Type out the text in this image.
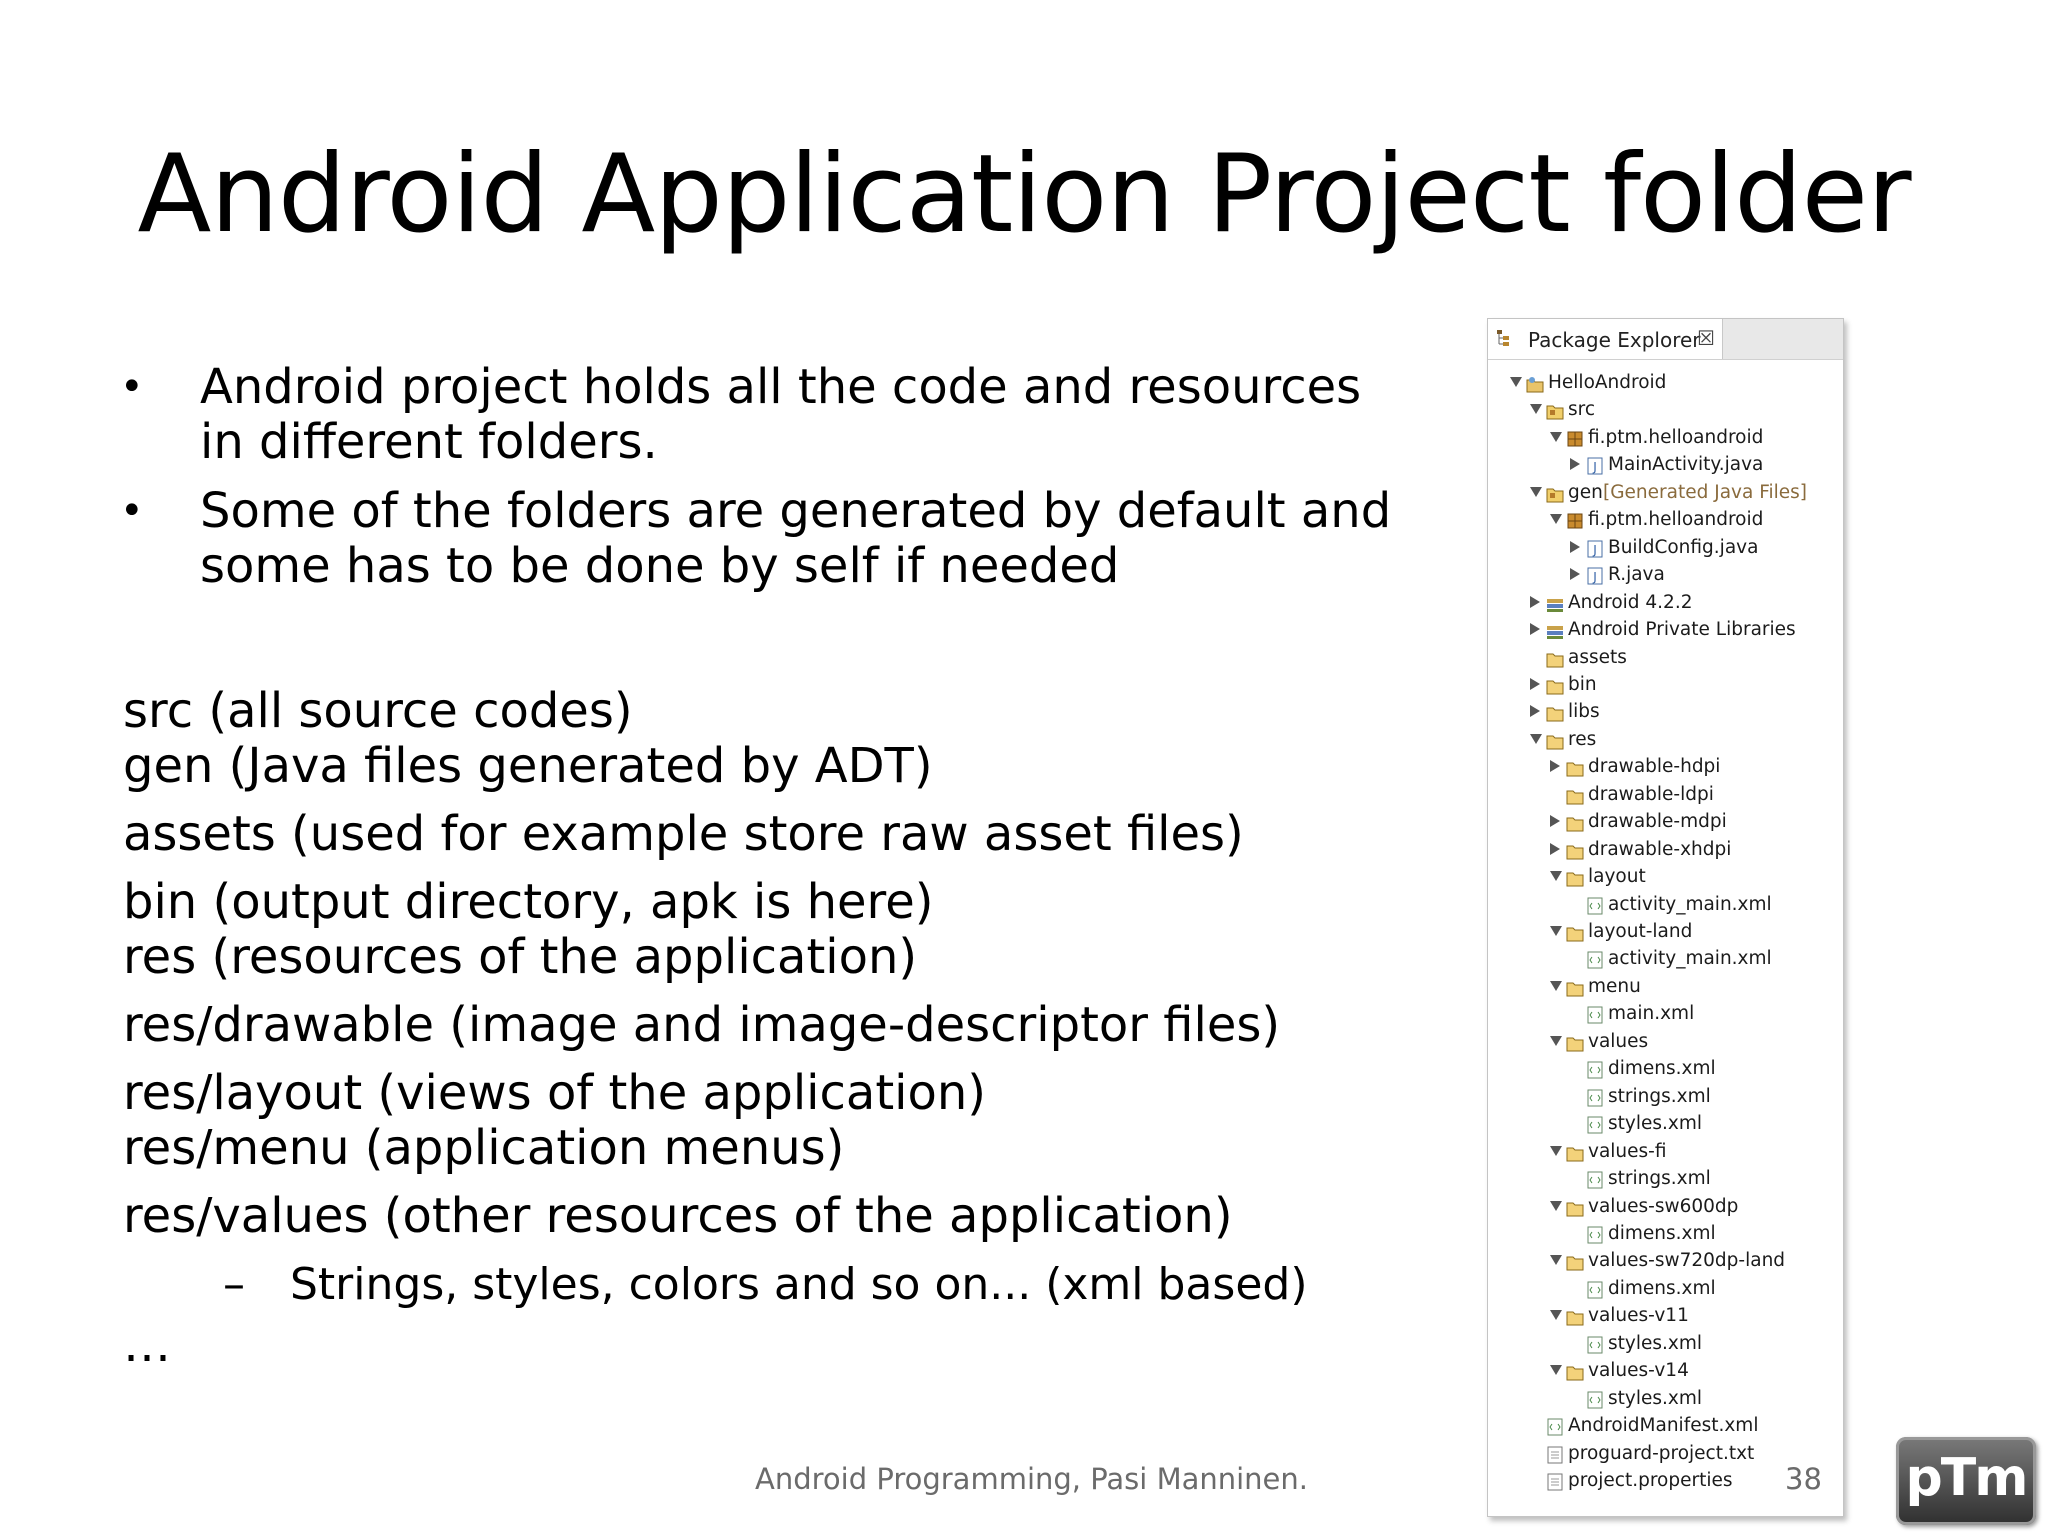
Android Application Project folder
• Android project holds all the code and resources in different folders.
• Some of the folders are generated by default and some has to be done by self if needed
src (all source codes)
gen (Java files generated by ADT)
assets (used for example store raw asset files)
bin (output directory, apk is here)
res (resources of the application)
res/drawable (image and image-descriptor files)
res/layout (views of the application)
res/menu (application menus)
res/values (other resources of the application)
– Strings, styles, colors and so on... (xml based)
…
Package Explorer
☒
HelloAndroid
src
fi.ptm.helloandroid
J MainActivity.java
gen [Generated Java Files]
fi.ptm.helloandroid
J BuildConfig.java
J R.java
Android 4.2.2
Android Private Libraries
assets
bin
libs
res
drawable-hdpi
drawable-ldpi
drawable-mdpi
drawable-xhdpi
layout
activity_main.xml
layout-land
activity_main.xml
menu
main.xml
values
dimens.xml
strings.xml
styles.xml
values-fi
strings.xml
values-sw600dp
dimens.xml
values-sw720dp-land
dimens.xml
values-v11
styles.xml
values-v14
styles.xml
AndroidManifest.xml
proguard-project.txt
project.properties
Android Programming, Pasi Manninen.	38 pTm
